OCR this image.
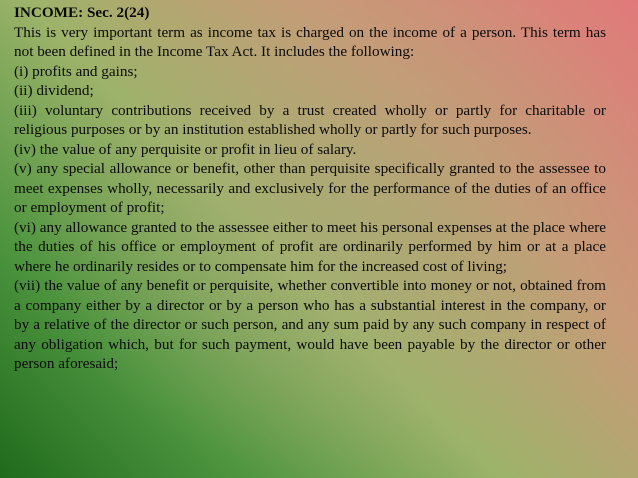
INCOME: Sec. 2(24)

This is very important term as income tax is charged on the income of a person. This term has not been defined in the Income Tax Act. It includes the following:

(i) profits and gains;

(ii) dividend;

(iii) voluntary contributions received by a trust created wholly or partly for charitable or religious purposes or by an institution established wholly or partly for such purposes.

(iv) the value of any perquisite or profit in lieu of salary.

(v) any special allowance or benefit, other than perquisite specifically granted to the assessee to meet expenses wholly, necessarily and exclusively for the performance of the duties of an office or employment of profit;

(vi) any allowance granted to the assessee either to meet his personal expenses at the place where the duties of his office or employment of profit are ordinarily performed by him or at a place where he ordinarily resides or to compensate him for the increased cost of living;

(vii) the value of any benefit or perquisite, whether convertible into money or not, obtained from a company either by a director or by a person who has a substantial interest in the company, or by a relative of the director or such person, and any sum paid by any such company in respect of any obligation which, but for such payment, would have been payable by the director or other person aforesaid;
